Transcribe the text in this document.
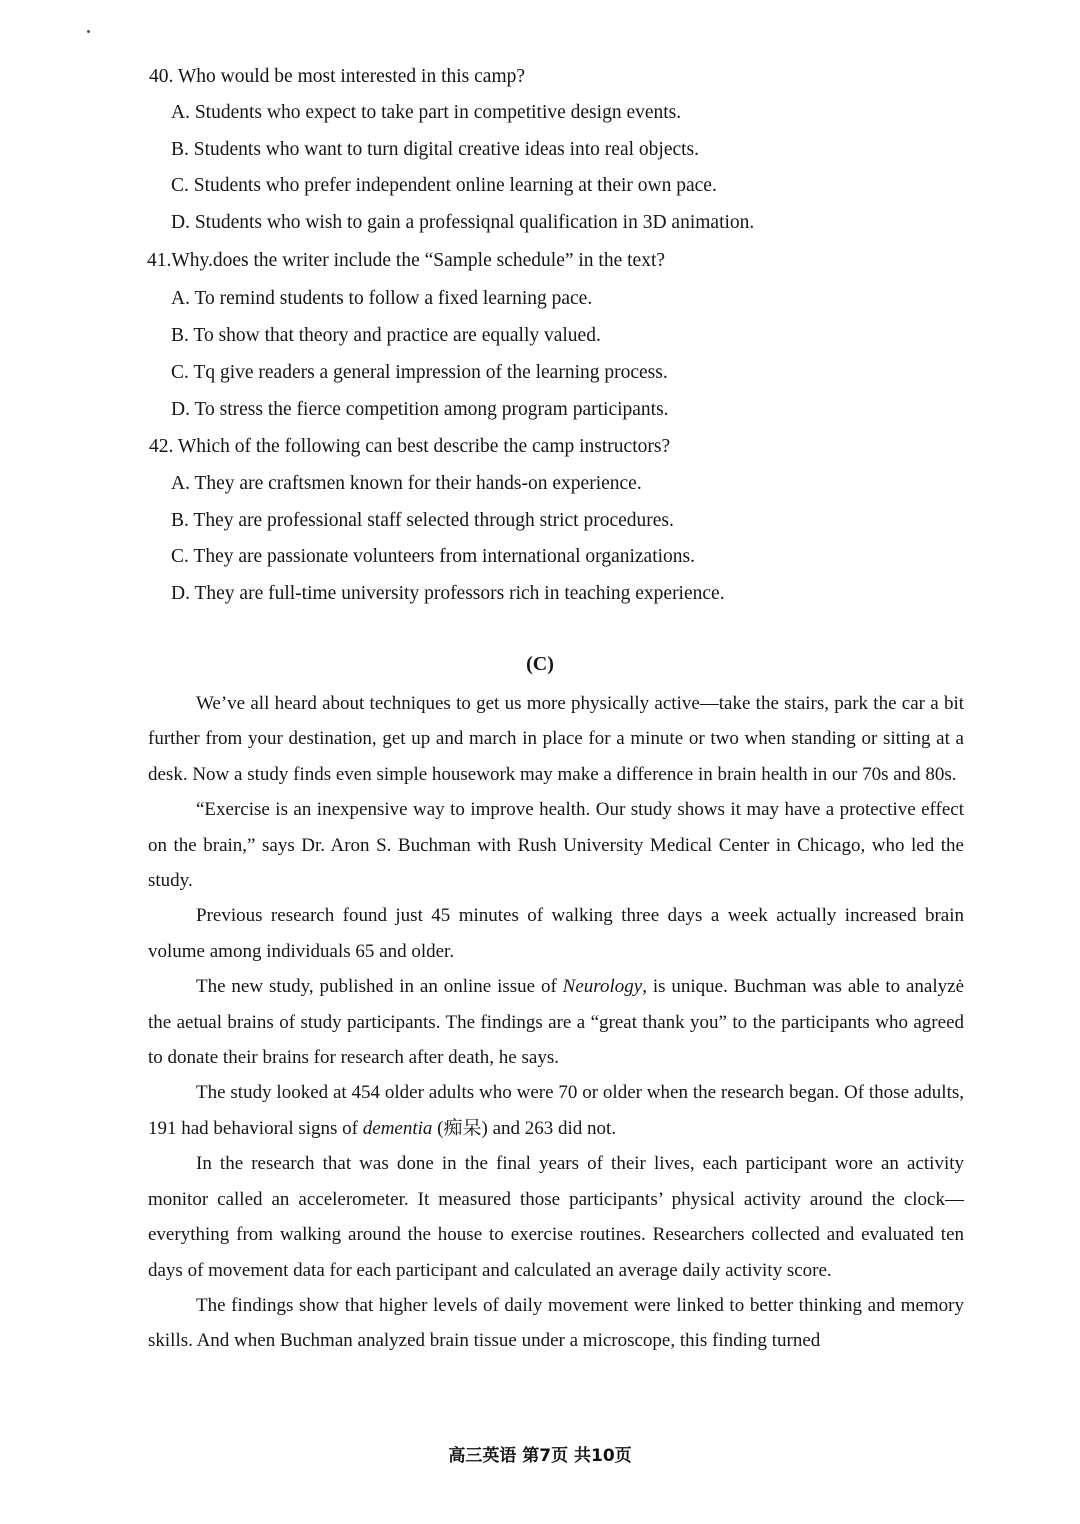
40. Who would be most interested in this camp?
A. Students who expect to take part in competitive design events.
B. Students who want to turn digital creative ideas into real objects.
C. Students who prefer independent online learning at their own pace.
D. Students who wish to gain a professiqnal qualification in 3D animation.
41.Why.does the writer include the “Sample schedule” in the text?
A. To remind students to follow a fixed learning pace.
B. To show that theory and practice are equally valued.
C. Tq give readers a general impression of the learning process.
D. To stress the fierce competition among program participants.
42. Which of the following can best describe the camp instructors?
A. They are craftsmen known for their hands-on experience.
B. They are professional staff selected through strict procedures.
C. They are passionate volunteers from international organizations.
D. They are full-time university professors rich in teaching experience.
(C)

We’ve all heard about techniques to get us more physically active—take the stairs, park the car a bit further from your destination, get up and march in place for a minute or two when standing or sitting at a desk. Now a study finds even simple housework may make a difference in brain health in our 70s and 80s.

“Exercise is an inexpensive way to improve health. Our study shows it may have a protective effect on the brain,” says Dr. Aron S. Buchman with Rush University Medical Center in Chicago, who led the study.

Previous research found just 45 minutes of walking three days a week actually increased brain volume among individuals 65 and older.

The new study, published in an online issue of Neurology, is unique. Buchman was able to analyzė the aetual brains of study participants. The findings are a “great thank you” to the participants who agreed to donate their brains for research after death, he says.

The study looked at 454 older adults who were 70 or older when the research began. Of those adults, 191 had behavioral signs of dementia (痴呆) and 263 did not.

In the research that was done in the final years of their lives, each participant wore an activity monitor called an accelerometer. It measured those participants’ physical activity around the clock—everything from walking around the house to exercise routines. Researchers collected and evaluated ten days of movement data for each participant and calculated an average daily activity score.

The findings show that higher levels of daily movement were linked to better thinking and memory skills. And when Buchman analyzed brain tissue under a microscope, this finding turned

高三英语 第7页 共10页
